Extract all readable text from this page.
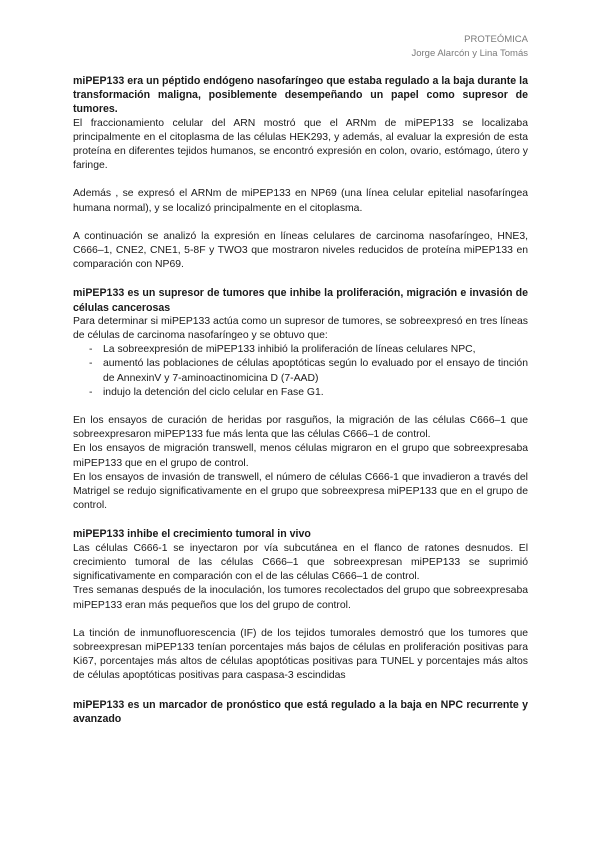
PROTEÓMICA
Jorge Alarcón y Lina Tomás

miPEP133 era un péptido endógeno nasofaríngeo que estaba regulado a la baja durante la transformación maligna, posiblemente desempeñando un papel como supresor de tumores.

El fraccionamiento celular del ARN mostró que el ARNm de miPEP133 se localizaba principalmente en el citoplasma de las células HEK293, y además, al evaluar la expresión de esta proteína en diferentes tejidos humanos, se encontró expresión en colon, ovario, estómago, útero y faringe.

Además , se expresó el ARNm de miPEP133 en NP69 (una línea celular epitelial nasofaríngea humana normal), y se localizó principalmente en el citoplasma.

A continuación se analizó la expresión en líneas celulares de carcinoma nasofaríngeo, HNE3, C666–1, CNE2, CNE1, 5-8F y TWO3 que mostraron niveles reducidos de proteína miPEP133 en comparación con NP69.

miPEP133 es un supresor de tumores que inhibe la proliferación, migración e invasión de células cancerosas

Para determinar si miPEP133 actúa como un supresor de tumores, se sobreexpresó en tres líneas de células de carcinoma nasofaríngeo y se obtuvo que:

- La sobreexpresión de miPEP133 inhibió la proliferación de líneas celulares NPC,
- aumentó las poblaciones de células apoptóticas según lo evaluado por el ensayo de tinción de AnnexinV y 7-aminoactinomicina D (7-AAD)
- indujo la detención del ciclo celular en Fase G1.

En los ensayos de curación de heridas por rasguños, la migración de las células C666–1 que sobreexpresaron miPEP133 fue más lenta que las células C666–1 de control.

En los ensayos de migración transwell, menos células migraron en el grupo que sobreexpresaba miPEP133 que en el grupo de control.

En los ensayos de invasión de transwell, el número de células C666-1 que invadieron a través del Matrigel se redujo significativamente en el grupo que sobreexpresa miPEP133 que en el grupo de control.

miPEP133 inhibe el crecimiento tumoral in vivo

Las células C666-1 se inyectaron por vía subcutánea en el flanco de ratones desnudos. El crecimiento tumoral de las células C666–1 que sobreexpresan miPEP133 se suprimió significativamente en comparación con el de las células C666–1 de control.

Tres semanas después de la inoculación, los tumores recolectados del grupo que sobreexpresaba miPEP133 eran más pequeños que los del grupo de control.

La tinción de inmunofluorescencia (IF) de los tejidos tumorales demostró que los tumores que sobreexpresan miPEP133 tenían porcentajes más bajos de células en proliferación positivas para Ki67, porcentajes más altos de células apoptóticas positivas para TUNEL y porcentajes más altos de células apoptóticas positivas para caspasa-3 escindidas

miPEP133 es un marcador de pronóstico que está regulado a la baja en NPC recurrente y avanzado
